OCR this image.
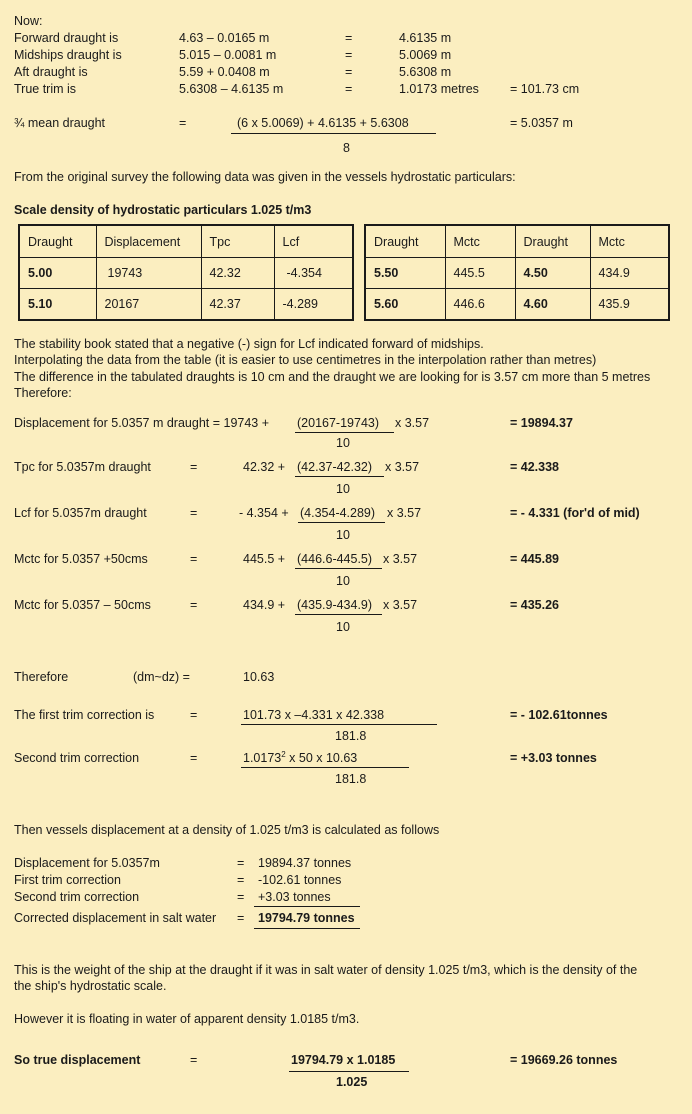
Now:
Forward draught is	4.63 – 0.0165 m	=	4.6135 m
Midships draught is	5.015 – 0.0081 m	=	5.0069 m
Aft draught is	5.59 + 0.0408 m	=	5.6308 m
True trim is	5.6308 – 4.6135 m	=	1.0173 metres = 101.73 cm
¾ mean draught	=	(6 x 5.0069) + 4.6135 + 5.6308
8
= 5.0357 m
From the original survey the following data was given in the vessels hydrostatic particulars:
Scale density of hydrostatic particulars 1.025 t/m3
Draught	Displacement	Tpc	Lcf
5.00	19743	42.32	-4.354
5.10	20167	42.37	-4.289
Draught	Mctc	Draught	Mctc
5.50	445.5	4.50	434.9
5.60	446.6	4.60	435.9
The stability book stated that a negative (-) sign for Lcf indicated forward of midships.
Interpolating the data from the table (it is easier to use centimetres in the interpolation rather than metres)
The difference in the tabulated draughts is 10 cm and the draught we are looking for is 3.57 cm more than 5 metres
Therefore:
Displacement for 5.0357 m draught = 19743 + (20167-19743) x 3.57
10
= 19894.37
Tpc for 5.0357m draught	=	42.32 + (42.37-42.32) x 3.57
10
= 42.338
Lcf for 5.0357m draught	=	- 4.354 + (4.354-4.289) x 3.57
10
= - 4.331 (for'd of mid)
Mctc for 5.0357 +50cms	=	445.5 + (446.6-445.5) x 3.57
10
= 445.89
Mctc for 5.0357 – 50cms	=	434.9 + (435.9-434.9) x 3.57
10
= 435.26
Therefore	(dm~dz) =	10.63
The first trim correction is	=	101.73 x –4.331 x 42.338
181.8
= - 102.61tonnes
Second trim correction	=	$1.0173^2$ x 50 x 10.63
181.8
= +3.03 tonnes
Then vessels displacement at a density of 1.025 t/m3 is calculated as follows
Displacement for 5.0357m	= 19894.37 tonnes
First trim correction	= -102.61 tonnes
Second trim correction	= +3.03 tonnes
Corrected displacement in salt water = 19794.79 tonnes
This is the weight of the ship at the draught if it was in salt water of density 1.025 t/m3, which is the density of the
the ship's hydrostatic scale.
However it is floating in water of apparent density 1.0185 t/m3.
So true displacement	=	19794.79 x 1.0185
1.025
= 19669.26 tonnes
